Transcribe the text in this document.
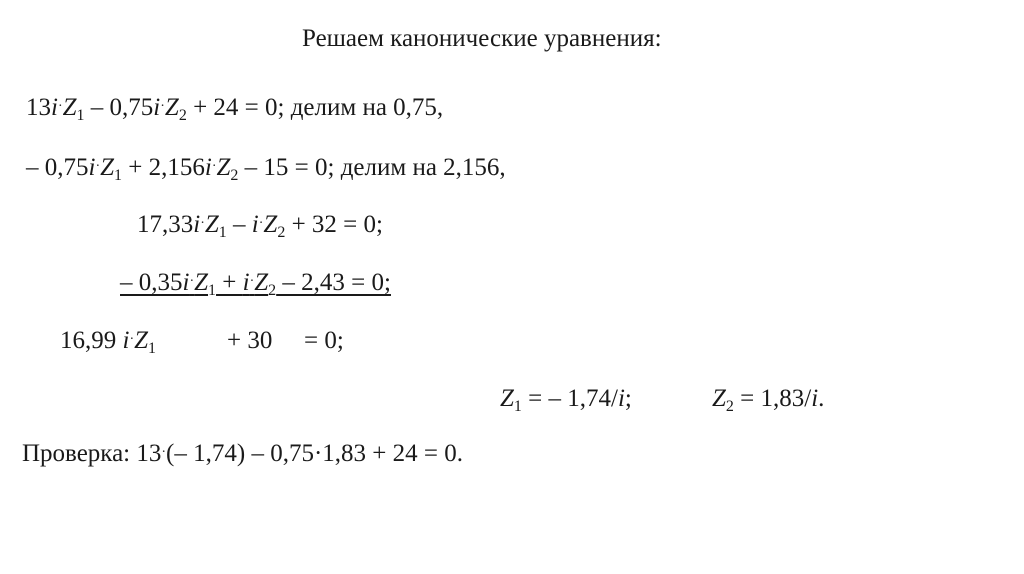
Решаем канонические уравнения:
$13i^\cdot Z_1 - 0,75i^\cdot Z_2 + 24 = 0$; делим на 0,75,
– $0,75i^\cdot Z_1 + 2,156i^\cdot Z_2 - 15 = 0$; делим на 2,156,
$17,33i^\cdot Z_1 - i^\cdot Z_2 + 32 = 0$;
– $0,35i^\cdot Z_1 + i^\cdot Z_2 - 2,43 = 0$;
16,99 $i^\cdot Z_1$	+ 30 = 0;
$Z_1$ = – 1,74/i;	$Z_2 = 1,83/i$.
Проверка: 13·(– 1,74) – 0,75·1,83 + 24 = 0.
